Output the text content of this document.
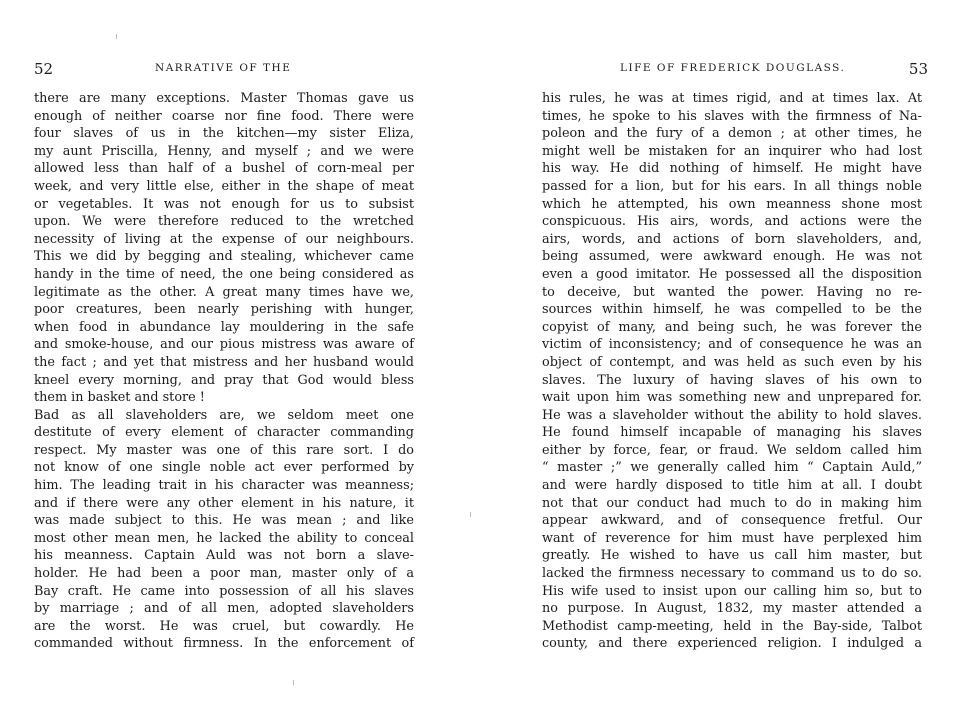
52	NARRATIVE OF THE
there are many exceptions. Master Thomas gave us
enough of neither coarse nor fine food. There were
four slaves of us in the kitchen—my sister Eliza,
my aunt Priscilla, Henny, and myself ; and we were
allowed less than half of a bushel of corn-meal per
week, and very little else, either in the shape of meat
or vegetables. It was not enough for us to subsist
upon. We were therefore reduced to the wretched
necessity of living at the expense of our neighbours.
This we did by begging and stealing, whichever came
handy in the time of need, the one being considered as
legitimate as the other. A great many times have we,
poor creatures, been nearly perishing with hunger,
when food in abundance lay mouldering in the safe
and smoke-house, and our pious mistress was aware of
the fact ; and yet that mistress and her husband would
kneel every morning, and pray that God would bless
them in basket and store !
Bad as all slaveholders are, we seldom meet one
destitute of every element of character commanding
respect. My master was one of this rare sort. I do
not know of one single noble act ever performed by
him. The leading trait in his character was meanness;
and if there were any other element in his nature, it
was made subject to this. He was mean ; and like
most other mean men, he lacked the ability to conceal
his meanness. Captain Auld was not born a slave-
holder. He had been a poor man, master only of a
Bay craft. He came into possession of all his slaves
by marriage ; and of all men, adopted slaveholders
are the worst. He was cruel, but cowardly. He
commanded without firmness. In the enforcement of
53
LIFE OF FREDERICK DOUGLASS.
his rules, he was at times rigid, and at times lax. At
times, he spoke to his slaves with the firmness of Na-
poleon and the fury of a demon ; at other times, he
might well be mistaken for an inquirer who had lost
his way. He did nothing of himself. He might have
passed for a lion, but for his ears. In all things noble
which he attempted, his own meanness shone most
conspicuous. His airs, words, and actions were the
airs, words, and actions of born slaveholders, and,
being assumed, were awkward enough. He was not
even a good imitator. He possessed all the disposition
to deceive, but wanted the power. Having no re-
sources within himself, he was compelled to be the
copyist of many, and being such, he was forever the
victim of inconsistency; and of consequence he was an
object of contempt, and was held as such even by his
slaves. The luxury of having slaves of his own to
wait upon him was something new and unprepared for.
He was a slaveholder without the ability to hold slaves.
He found himself incapable of managing his slaves
either by force, fear, or fraud. We seldom called him
“ master ;” we generally called him “ Captain Auld,”
and were hardly disposed to title him at all. I doubt
not that our conduct had much to do in making him
appear awkward, and of consequence fretful. Our
want of reverence for him must have perplexed him
greatly. He wished to have us call him master, but
lacked the firmness necessary to command us to do so.
His wife used to insist upon our calling him so, but to
no purpose. In August, 1832, my master attended a
Methodist camp-meeting, held in the Bay-side, Talbot
county, and there experienced religion. I indulged a
